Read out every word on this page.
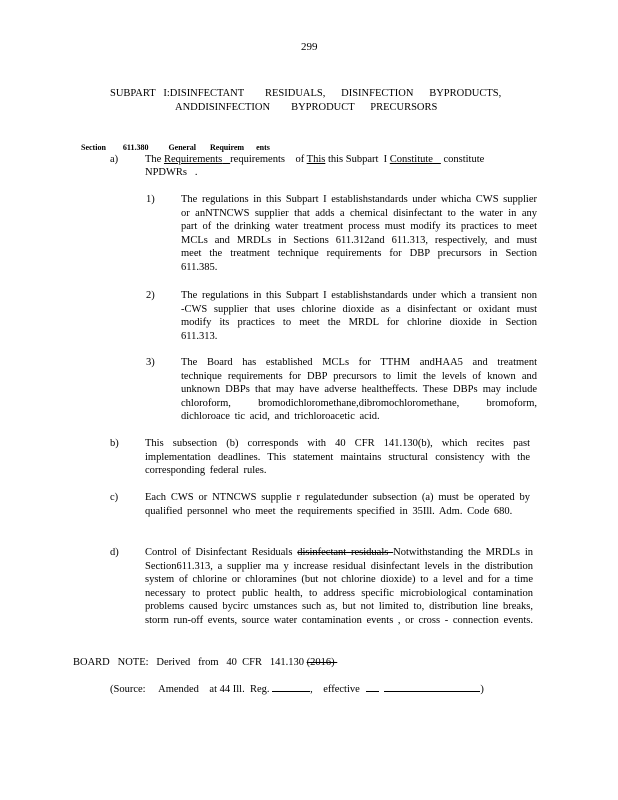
299
SUBPART   I:DISINFECTANT        RESIDUALS,      DISINFECTION      BYPRODUCTS,
ANDDISINFECTION        BYPRODUCT      PRECURSORS

Section 611.380	General Requirem ents

a)	The Requirements requirements    of This this Subpart  I Constitute    constitute
NPDWRs   .
1)	The regulations in this Subpart I establishstandards under whicha CWS supplier or anNTNCWS supplier that adds a chemical disinfectant to the water in any part of the drinking water treatment process must modify its practices to meet MCLs and MRDLs in Sections 611.312and 611.313, respectively, and must meet the treatment technique requirements for DBP precursors in Section 611.385.
2)	The regulations in this Subpart I establishstandards under which a transient non -CWS supplier that uses chlorine dioxide as a disinfectant or oxidant must modify its practices to meet the MRDL for chlorine dioxide in Section 611.313.
3)	The Board has established MCLs for TTHM andHAA5 and treatment technique requirements for DBP precursors to limit the levels of known and unknown DBPs that may have adverse healtheffects. These DBPs may include chloroform, bromodichloromethane,dibromochloromethane, bromoform, dichloroace tic acid, and trichloroacetic acid.
b)	This subsection (b) corresponds with 40 CFR 141.130(b), which recites past implementation deadlines. This statement maintains structural consistency with the corresponding federal rules.
c)	Each CWS or NTNCWS supplie r regulatedunder subsection (a) must be operated by qualified personnel who meet the requirements specified in 35Ill. Adm. Code 680.
d)	Control of Disinfectant Residuals disinfectant residuals Notwithstanding the MRDLs in Section611.313, a supplier ma y increase residual disinfectant levels in the distribution system of chlorine or chloramines (but not chlorine dioxide) to a level and for a time necessary to protect public health, to address specific microbiological contamination problems caused bycirc umstances such as, but not limited to, distribution line breaks, storm run-off events, source water contamination events , or cross - connection events.
BOARD   NOTE:   Derived   from   40  CFR   141.130 (2016)
(Source:     Amended    at 44 Ill.  Reg.	,    effective	)
